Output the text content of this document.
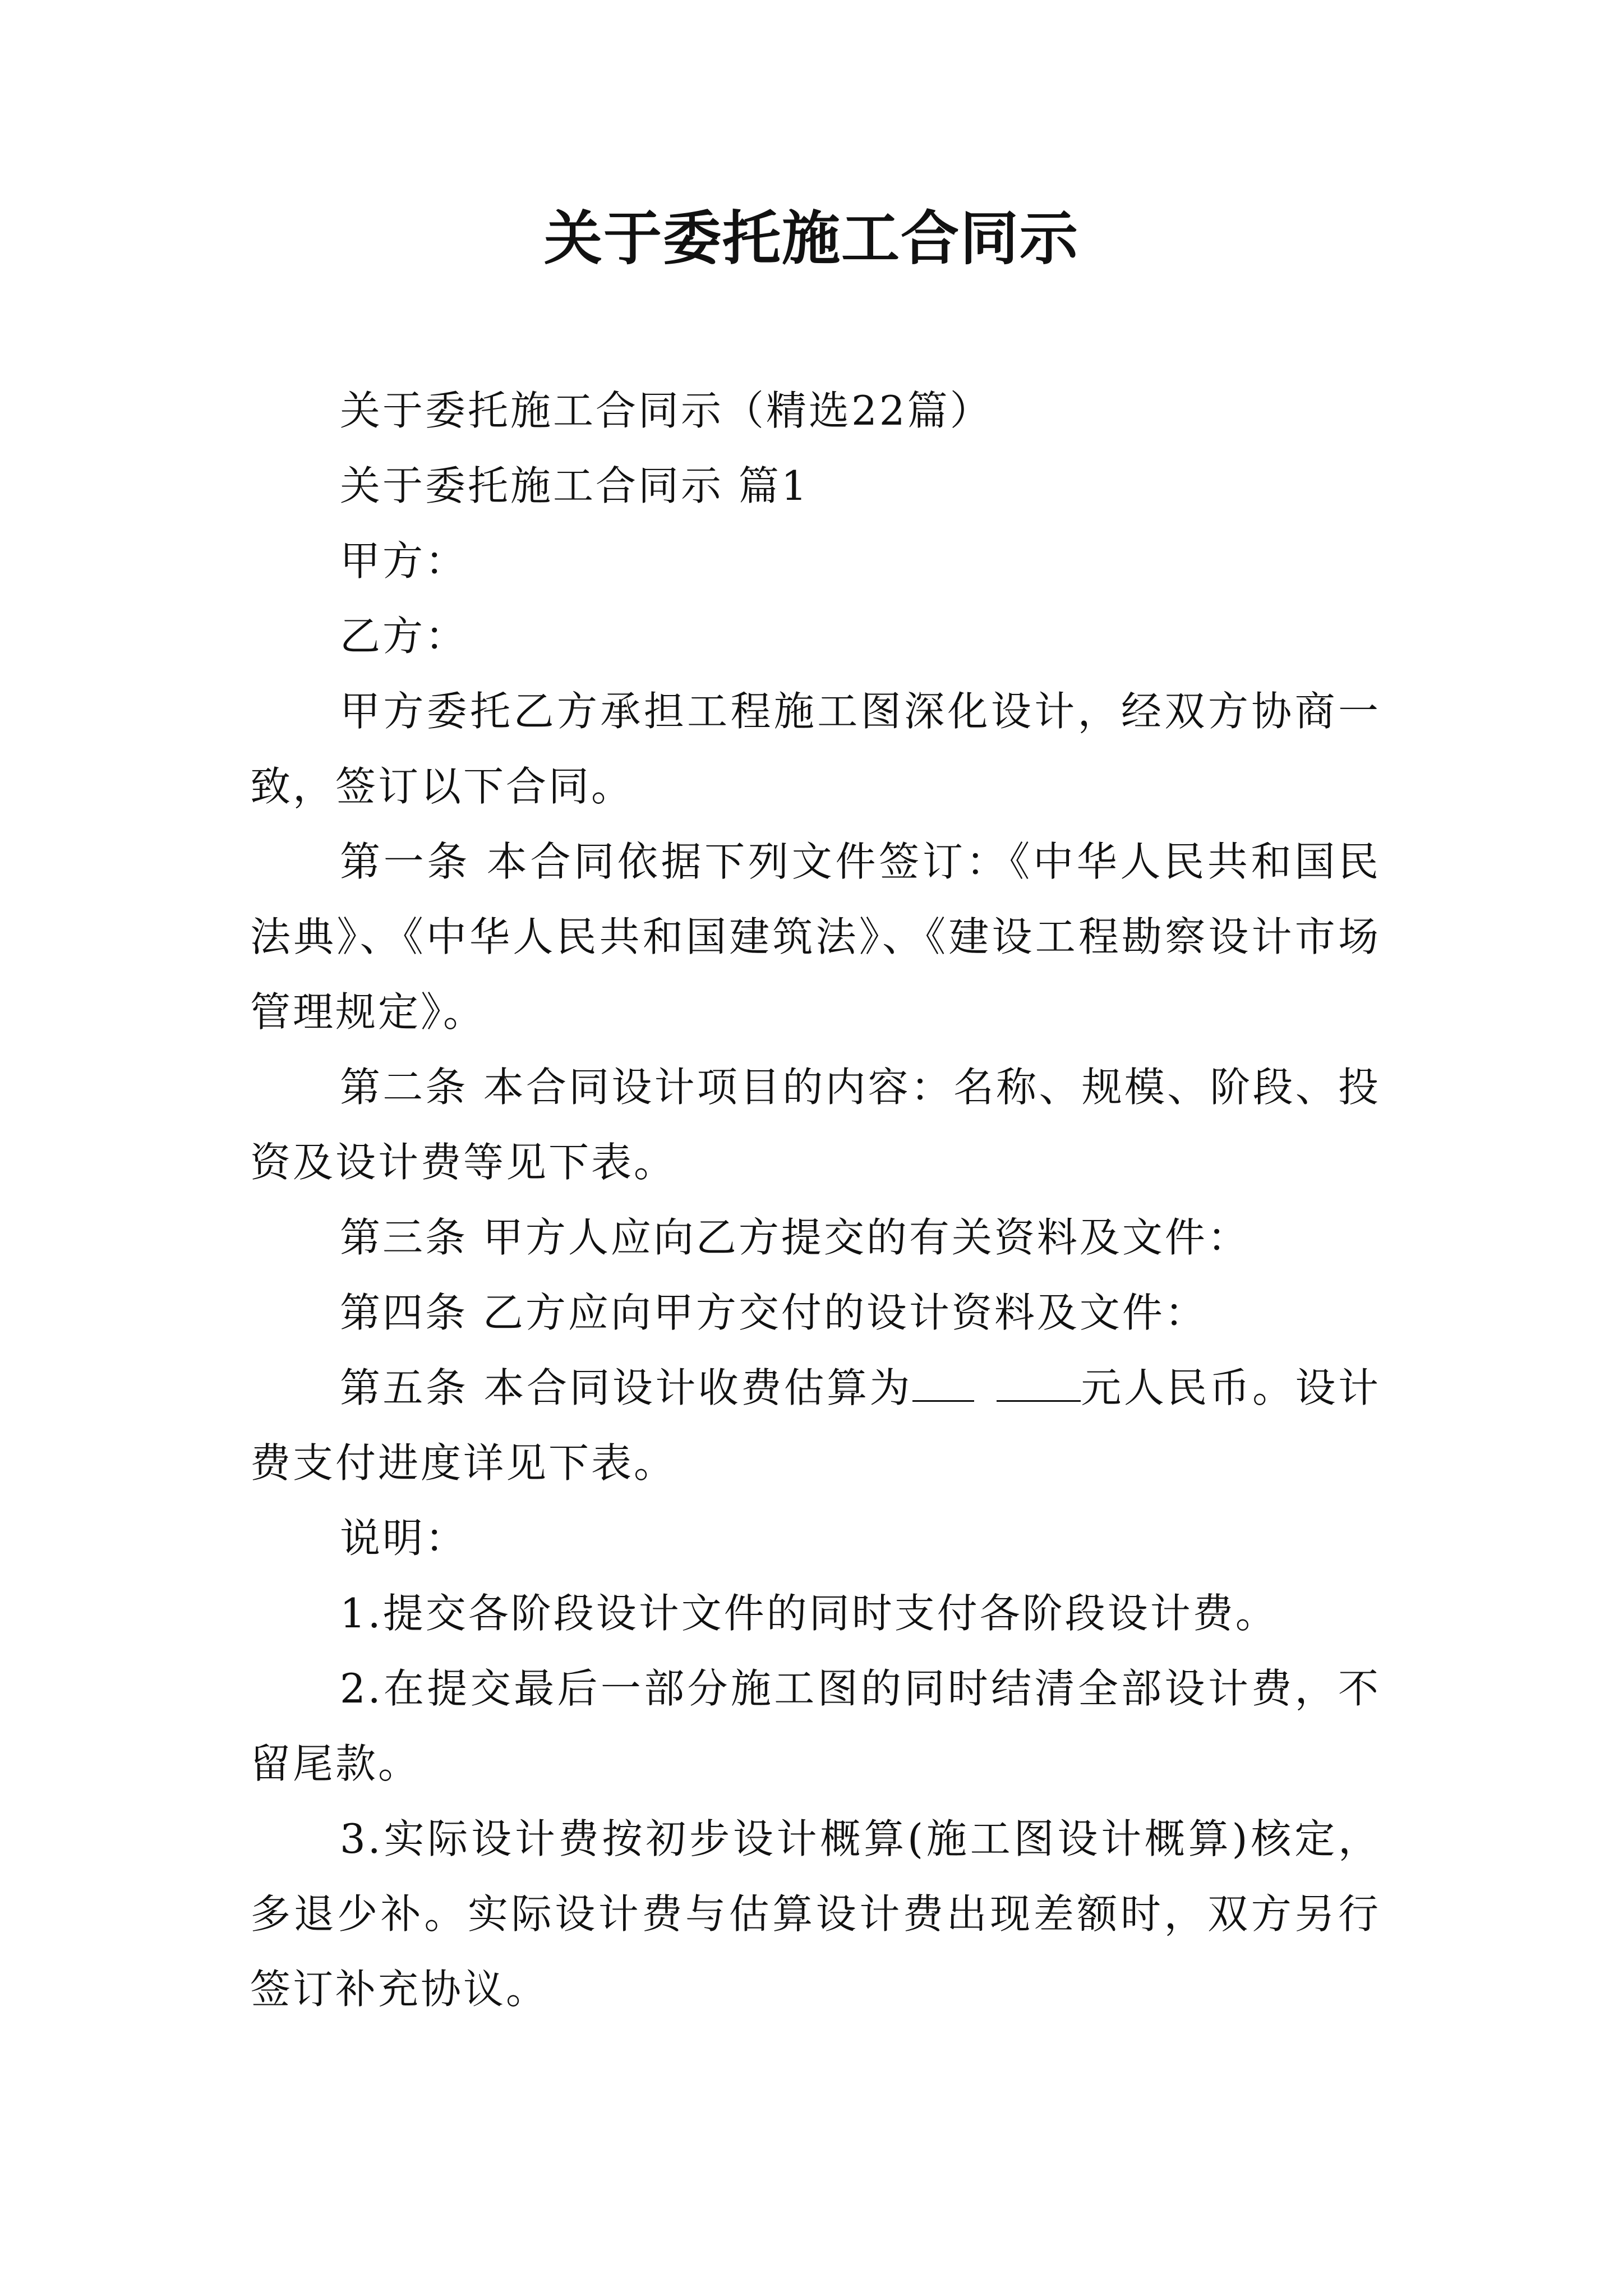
关于委托施工合同示

关于委托施工合同示（精选22篇）

关于委托施工合同示 篇1

甲方：

乙方：

甲方委托乙方承担工程施工图深化设计，经双方协商一致，签订以下合同。

第一条 本合同依据下列文件签订：《中华人民共和国民法典》、《中华人民共和国建筑法》、《建设工程勘察设计市场管理规定》。

第二条 本合同设计项目的内容：名称、规模、阶段、投资及设计费等见下表。

第三条 甲方人应向乙方提交的有关资料及文件：

第四条 乙方应向甲方交付的设计资料及文件：

第五条 本合同设计收费估算为	元人民币。设计费支付进度详见下表。

说明：

1.提交各阶段设计文件的同时支付各阶段设计费。

2.在提交最后一部分施工图的同时结清全部设计费，不留尾款。

3.实际设计费按初步设计概算(施工图设计概算)核定，多退少补。实际设计费与估算设计费出现差额时，双方另行签订补充协议。
